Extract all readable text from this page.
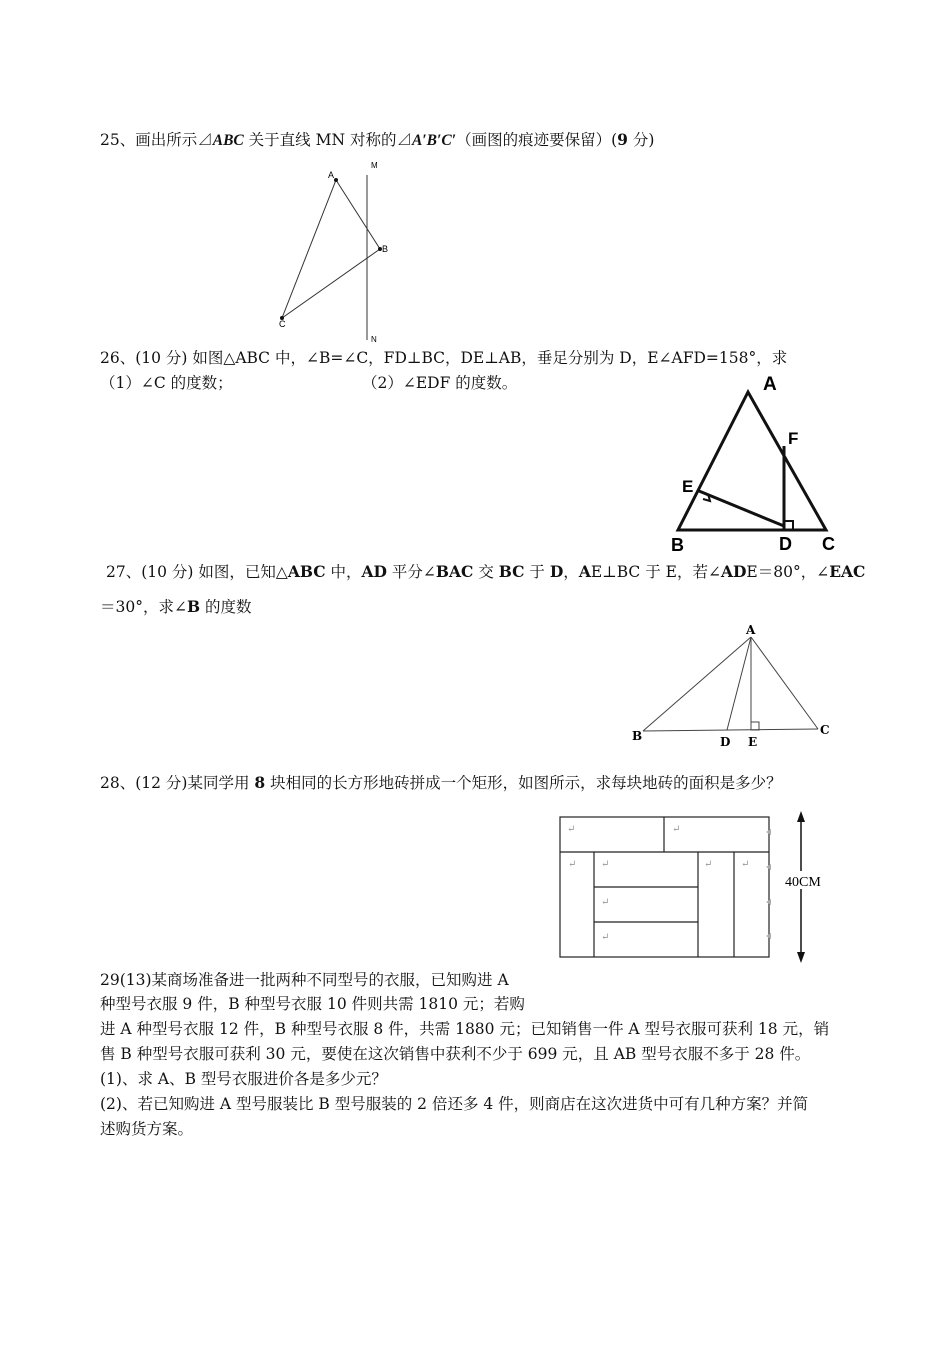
25、画出所示⊿ABC 关于直线 MN 对称的⊿A′B′C′（画图的痕迹要保留）(9 分)
A
B
C
M
N
26、(10 分) 如图△ABC 中，∠B=∠C，FD⊥BC，DE⊥AB，垂足分别为 D，E∠AFD=158°，求
（1）∠C 的度数；	（2）∠EDF 的度数。	A
F
E
B	D C
27、(10 分) 如图，已知△ABC 中，AD 平分∠BAC 交 BC 于 D，AE⊥BC 于 E，若∠ADE＝80°，∠EAC
＝30°，求∠B 的度数
A
B	D E
C
28、(12 分)某同学用 8 块相同的长方形地砖拼成一个矩形，如图所示，求每块地砖的面积是多少？
↵	↵
↵ ↵	↵	↵
↵
↵
40CM
29(13)某商场准备进一批两种不同型号的衣服，已知购进 A
种型号衣服 9 件，B 种型号衣服 10 件则共需 1810 元；若购
进 A 种型号衣服 12 件，B 种型号衣服 8 件，共需 1880 元；已知销售一件 A 型号衣服可获利 18 元，销
售 B 种型号衣服可获利 30 元，要使在这次销售中获利不少于 699 元，且 AB 型号衣服不多于 28 件。
(1)、求 A、B 型号衣服进价各是多少元？
(2)、若已知购进 A 型号服装比 B 型号服装的 2 倍还多 4 件，则商店在这次进货中可有几种方案？并简
述购货方案。
